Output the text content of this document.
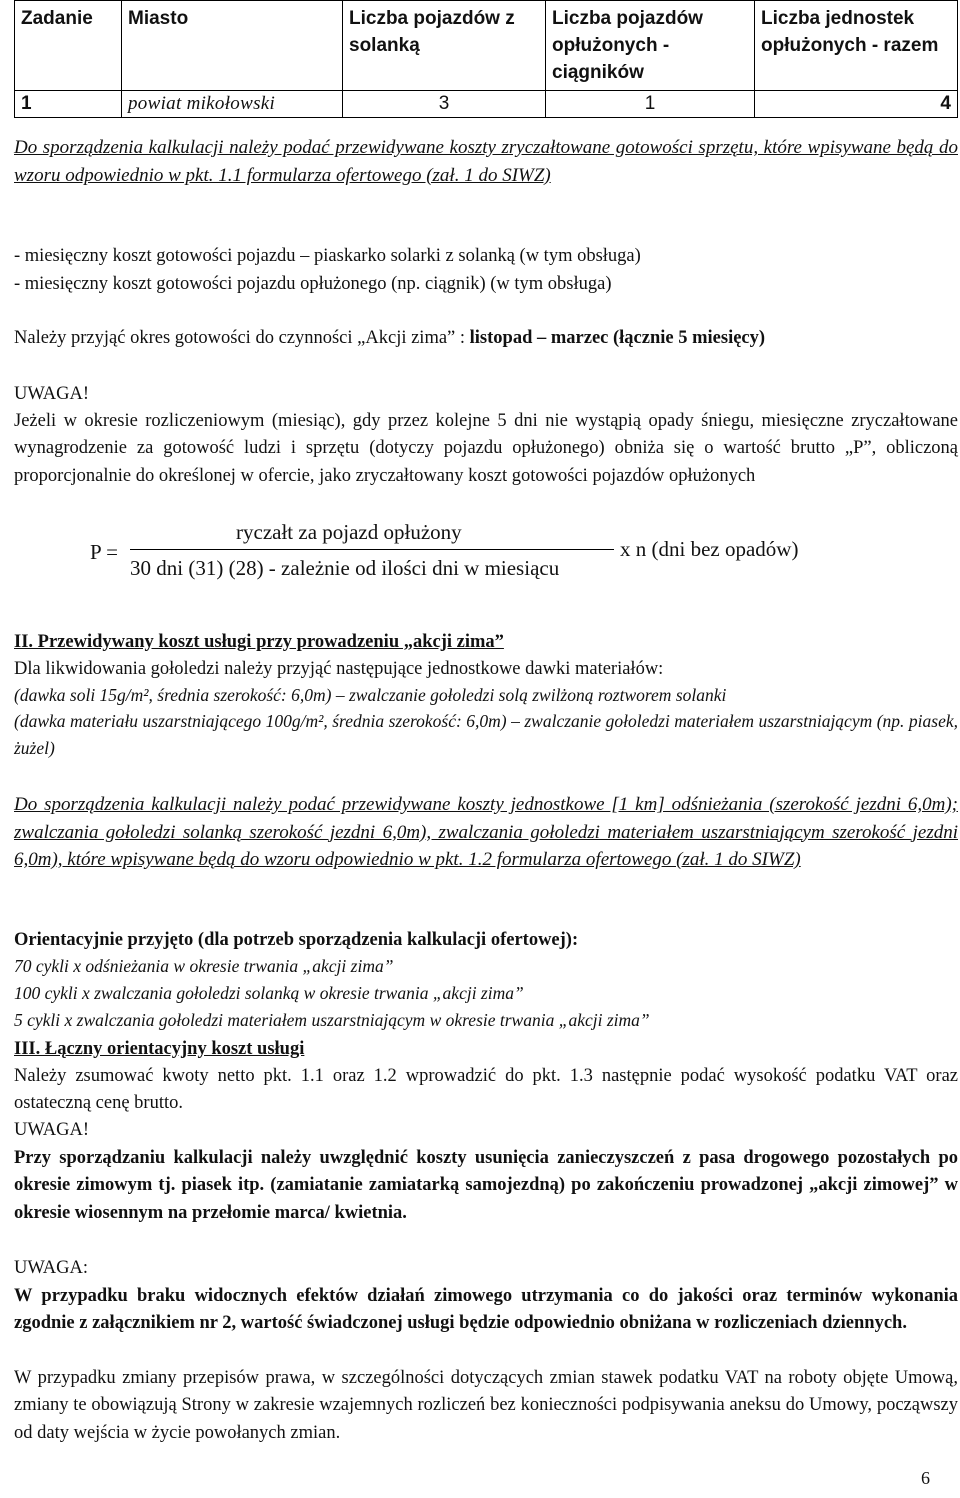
Zadanie	Miasto	Liczba pojazdów z solanką	Liczba pojazdów opłużonych - ciągników	Liczba jednostek opłużonych - razem
1	powiat mikołowski	3	1	4

Do sporządzenia kalkulacji należy podać przewidywane koszty zryczałtowane gotowości sprzętu, które wpisywane będą do wzoru odpowiednio w pkt. 1.1 formularza ofertowego (zał. 1 do SIWZ)

- miesięczny koszt gotowości pojazdu – piaskarko solarki z solanką (w tym obsługa)

- miesięczny koszt gotowości pojazdu opłużonego (np. ciągnik) (w tym obsługa)

Należy przyjąć okres gotowości do czynności „Akcji zima” : listopad – marzec (łącznie 5 miesięcy)

UWAGA!

Jeżeli w okresie rozliczeniowym (miesiąc), gdy przez kolejne 5 dni nie wystąpią opady śniegu, miesięczne zryczałtowane wynagrodzenie za gotowość ludzi i sprzętu (dotyczy pojazdu opłużonego) obniża się o wartość brutto „P”, obliczoną proporcjonalnie do określonej w ofercie, jako zryczałtowany koszt gotowości pojazdów opłużonych

P =
ryczałt za pojazd opłużony
30 dni (31) (28) - zależnie od ilości dni w miesiącu
x n (dni bez opadów)

II. Przewidywany koszt usługi przy prowadzeniu „akcji zima”

Dla likwidowania gołoledzi należy przyjąć następujące jednostkowe dawki materiałów:

(dawka soli 15g/m², średnia szerokość: 6,0m) – zwalczanie gołoledzi solą zwilżoną roztworem solanki

(dawka materiału uszarstniającego 100g/m², średnia szerokość: 6,0m) – zwalczanie gołoledzi materiałem uszarstniającym (np. piasek, żużel)

Do sporządzenia kalkulacji należy podać przewidywane koszty jednostkowe [1 km] odśnieżania (szerokość jezdni 6,0m); zwalczania gołoledzi solanką szerokość jezdni 6,0m), zwalczania gołoledzi materiałem uszarstniającym szerokość jezdni 6,0m), które wpisywane będą do wzoru odpowiednio w pkt. 1.2 formularza ofertowego (zał. 1 do SIWZ)

Orientacyjnie przyjęto (dla potrzeb sporządzenia kalkulacji ofertowej):

70 cykli x odśnieżania w okresie trwania „akcji zima”

100 cykli x zwalczania gołoledzi solanką w okresie trwania „akcji zima”

5 cykli x zwalczania gołoledzi materiałem uszarstniającym w okresie trwania „akcji zima”

III. Łączny orientacyjny koszt usługi

Należy zsumować kwoty netto pkt. 1.1 oraz 1.2 wprowadzić do pkt. 1.3 następnie podać wysokość podatku VAT oraz ostateczną cenę brutto.

UWAGA!

Przy sporządzaniu kalkulacji należy uwzględnić koszty usunięcia zanieczyszczeń z pasa drogowego pozostałych po okresie zimowym tj. piasek itp. (zamiatanie zamiatarką samojezdną) po zakończeniu prowadzonej „akcji zimowej” w okresie wiosennym na przełomie marca/ kwietnia.

UWAGA:

W przypadku braku widocznych efektów działań zimowego utrzymania co do jakości oraz terminów wykonania zgodnie z załącznikiem nr 2, wartość świadczonej usługi będzie odpowiednio obniżana w rozliczeniach dziennych.

W przypadku zmiany przepisów prawa, w szczególności dotyczących zmian stawek podatku VAT na roboty objęte Umową, zmiany te obowiązują Strony w zakresie wzajemnych rozliczeń bez konieczności podpisywania aneksu do Umowy, począwszy od daty wejścia w życie powołanych zmian.

6
